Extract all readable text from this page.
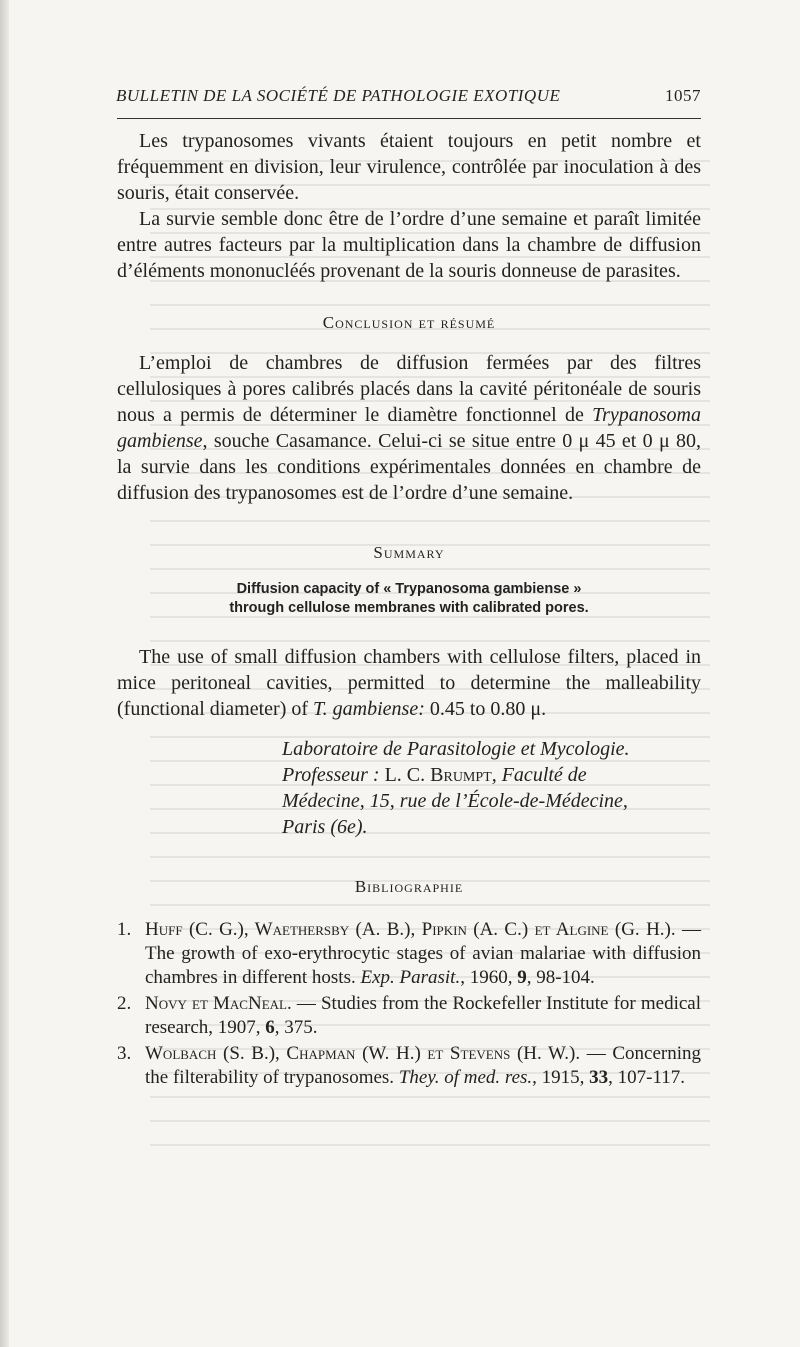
BULLETIN DE LA SOCIÉTÉ DE PATHOLOGIE EXOTIQUE	1057

Les trypanosomes vivants étaient toujours en petit nombre et fréquemment en division, leur virulence, contrôlée par inoculation à des souris, était conservée.

La survie semble donc être de l’ordre d’une semaine et paraît limitée entre autres facteurs par la multiplication dans la chambre de diffusion d’éléments mononucléés provenant de la souris donneuse de parasites.

Conclusion et résumé

L’emploi de chambres de diffusion fermées par des filtres cellulosiques à pores calibrés placés dans la cavité péritonéale de souris nous a permis de déterminer le diamètre fonctionnel de Trypanosoma gambiense, souche Casamance. Celui-ci se situe entre 0 μ 45 et 0 μ 80, la survie dans les conditions expérimentales données en chambre de diffusion des trypanosomes est de l’ordre d’une semaine.

Summary
Diffusion capacity of « Trypanosoma gambiense »
through cellulose membranes with calibrated pores.

The use of small diffusion chambers with cellulose filters, placed in mice peritoneal cavities, permitted to determine the malleability (functional diameter) of T. gambiense: 0.45 to 0.80 μ.

Laboratoire de Parasitologie et Mycologie.
Professeur : L. C. Brumpt, Faculté de
Médecine, 15, rue de l’École-de-Médecine,
Paris (6e).
Bibliographie
1. Huff (C. G.), Waethersby (A. B.), Pipkin (A. C.) et Algine (G. H.). — The growth of exo-erythrocytic stages of avian malariae with diffusion chambres in different hosts. Exp. Parasit., 1960, 9, 98-104.
2. Novy et MacNeal. — Studies from the Rockefeller Institute for medical research, 1907, 6, 375.
3. Wolbach (S. B.), Chapman (W. H.) et Stevens (H. W.). — Concerning the filterability of trypanosomes. They. of med. res., 1915, 33, 107-117.
